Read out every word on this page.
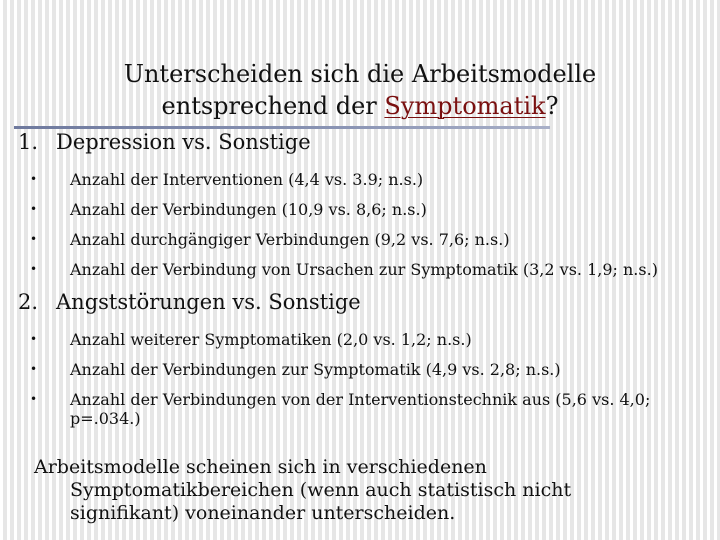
Unterscheiden sich die Arbeitsmodelle
entsprechend der Symptomatik?
1. Depression vs. Sonstige
• Anzahl der Interventionen (4,4 vs. 3.9; n.s.)
• Anzahl der Verbindungen (10,9 vs. 8,6; n.s.)
• Anzahl durchgängiger Verbindungen (9,2 vs. 7,6; n.s.)
• Anzahl der Verbindung von Ursachen zur Symptomatik (3,2 vs. 1,9; n.s.)
2. Angststörungen vs. Sonstige
• Anzahl weiterer Symptomatiken (2,0 vs. 1,2; n.s.)
• Anzahl der Verbindungen zur Symptomatik (4,9 vs. 2,8; n.s.)
• Anzahl der Verbindungen von der Interventionstechnik aus (5,6 vs. 4,0; p=.034.)
Arbeitsmodelle scheinen sich in verschiedenen Symptomatikbereichen (wenn auch statistisch nicht signifikant) voneinander unterscheiden.
